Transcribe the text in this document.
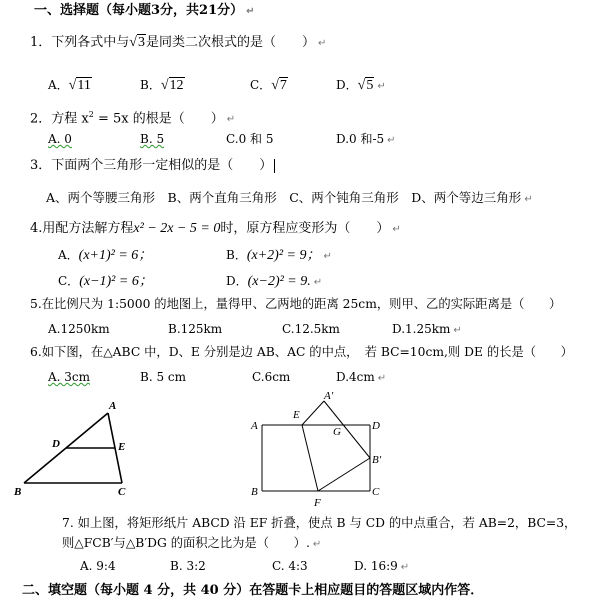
一、选择题（每小题3分，共21分） ↵
1．下列各式中与√3是同类二次根式的是（　　） ↵
A．√11	B．√12	C．√7	D．√5 ↵
2．方程 $x^2 = 5x$ 的根是（　　） ↵
A. 0	B. 5	C.0 和 5	D.0 和-5 ↵
3．下面两个三角形一定相似的是（　　）
A、两个等腰三角形　B、两个直角三角形　C、两个钝角三角形　D、两个等边三角形 ↵
4.用配方法解方程x² − 2x − 5 = 0时，原方程应变形为（　　） ↵
A．(x+1)² = 6；	B．(x+2)² = 9； ↵
C．(x−1)² = 6；	D．(x−2)² = 9. ↵
5.在比例尺为 1:5000 的地图上，量得甲、乙两地的距离 25cm，则甲、乙的实际距离是（　　）
A.1250km	B.125km	C.12.5km	D.1.25km ↵
6.如下图，在△ABC 中，D、E 分别是边 AB、AC 的中点，　若 BC=10cm,则 DE 的长是（　　）
A. 3cm	B. 5 cm	C.6cm	D.4cm ↵
A
D	E
B	C
A
E
A′
G	D
B′
B
F
C
7. 如上图，将矩形纸片 ABCD 沿 EF 折叠，使点 B 与 CD 的中点重合，若 AB=2，BC=3，
则△FCB′与△B′DG 的面积之比为是（　　）. ↵
A. 9:4	B. 3:2	C. 4:3	D. 16:9 ↵
二、填空题（每小题 4 分，共 40 分）在答题卡上相应题目的答题区域内作答．
